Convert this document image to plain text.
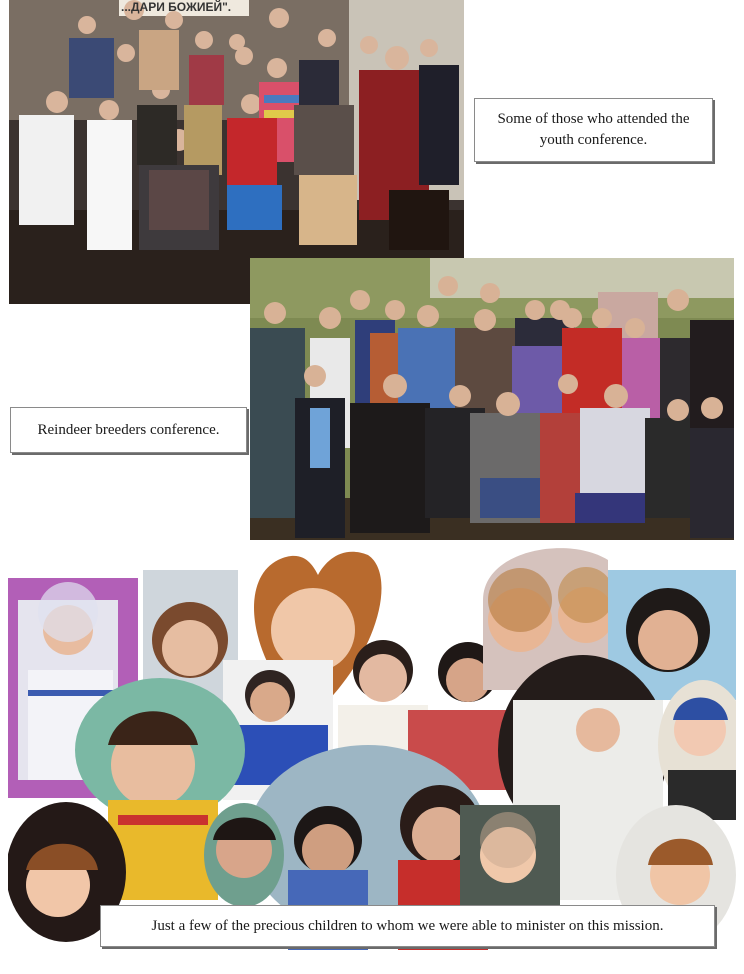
...ДАРИ БОЖИЕЙ".
Some of those who attended the youth conference.
Reindeer breeders conference.
Just a few of the precious children to whom we were able to minister on this mission.
